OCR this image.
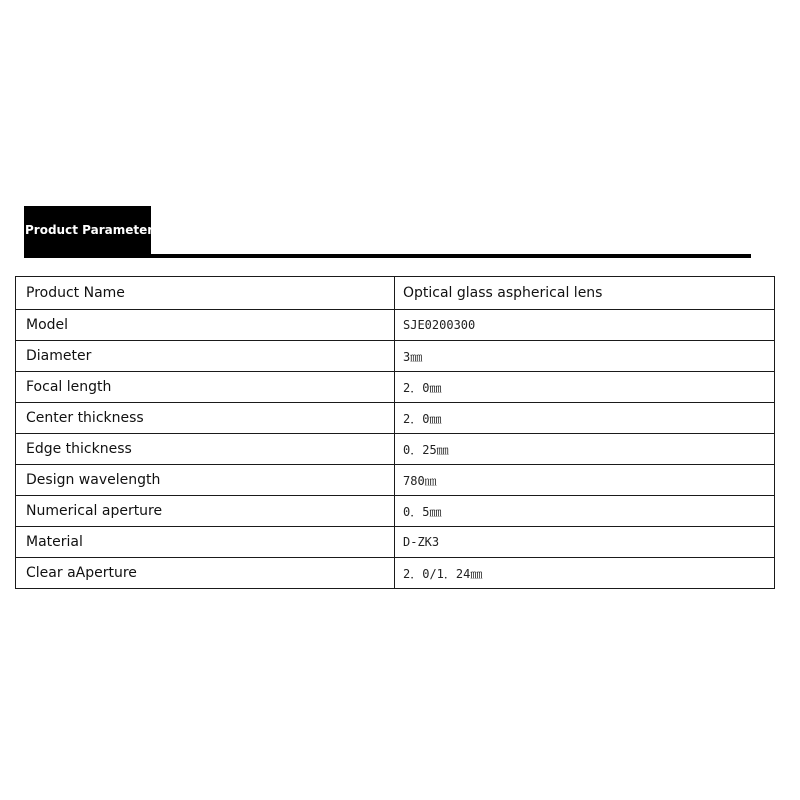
Product Parameters
Product Name	Optical glass aspherical lens
Model	SJE0200300
Diameter	3㎜
Focal length	2．0㎜
Center thickness	2．0㎜
Edge thickness	0．25㎜
Design wavelength	780㎚
Numerical aperture	0．5㎜
Material	D-ZK3
Clear aAperture	2．0/1．24㎜
